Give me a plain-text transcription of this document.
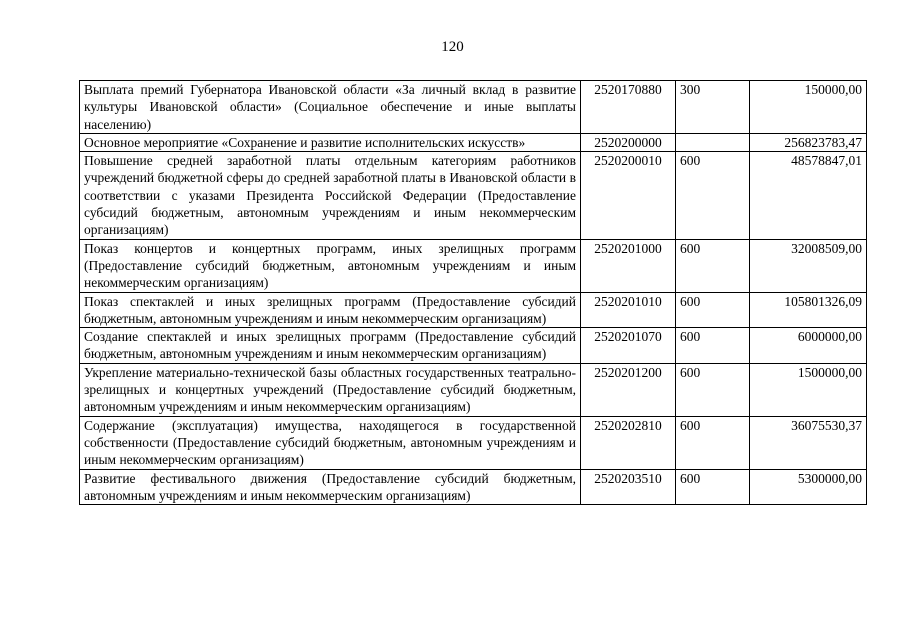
120
Выплата премий Губернатора Ивановской области «За личный вклад в развитие культуры Ивановской области» (Социальное обеспечение и иные выплаты населению)	2520170880	300	150000,00
Основное мероприятие «Сохранение и развитие исполнительских искусств»	2520200000		256823783,47
Повышение средней заработной платы отдельным категориям работников учреждений бюджетной сферы до средней заработной платы в Ивановской области в соответствии с указами Президента Российской Федерации (Предоставление субсидий бюджетным, автономным учреждениям и иным некоммерческим организациям)	2520200010	600	48578847,01
Показ концертов и концертных программ, иных зрелищных программ (Предоставление субсидий бюджетным, автономным учреждениям и иным некоммерческим организациям)	2520201000	600	32008509,00
Показ спектаклей и иных зрелищных программ (Предоставление субсидий бюджетным, автономным учреждениям и иным некоммерческим организациям)	2520201010	600	105801326,09
Создание спектаклей и иных зрелищных программ (Предоставление субсидий бюджетным, автономным учреждениям и иным некоммерческим организациям)	2520201070	600	6000000,00
Укрепление материально-технической базы областных государственных театрально-зрелищных и концертных учреждений (Предоставление субсидий бюджетным, автономным учреждениям и иным некоммерческим организациям)	2520201200	600	1500000,00
Содержание (эксплуатация) имущества, находящегося в государственной собственности (Предоставление субсидий бюджетным, автономным учреждениям и иным некоммерческим организациям)	2520202810	600	36075530,37
Развитие фестивального движения (Предоставление субсидий бюджетным, автономным учреждениям и иным некоммерческим организациям)	2520203510	600	5300000,00
